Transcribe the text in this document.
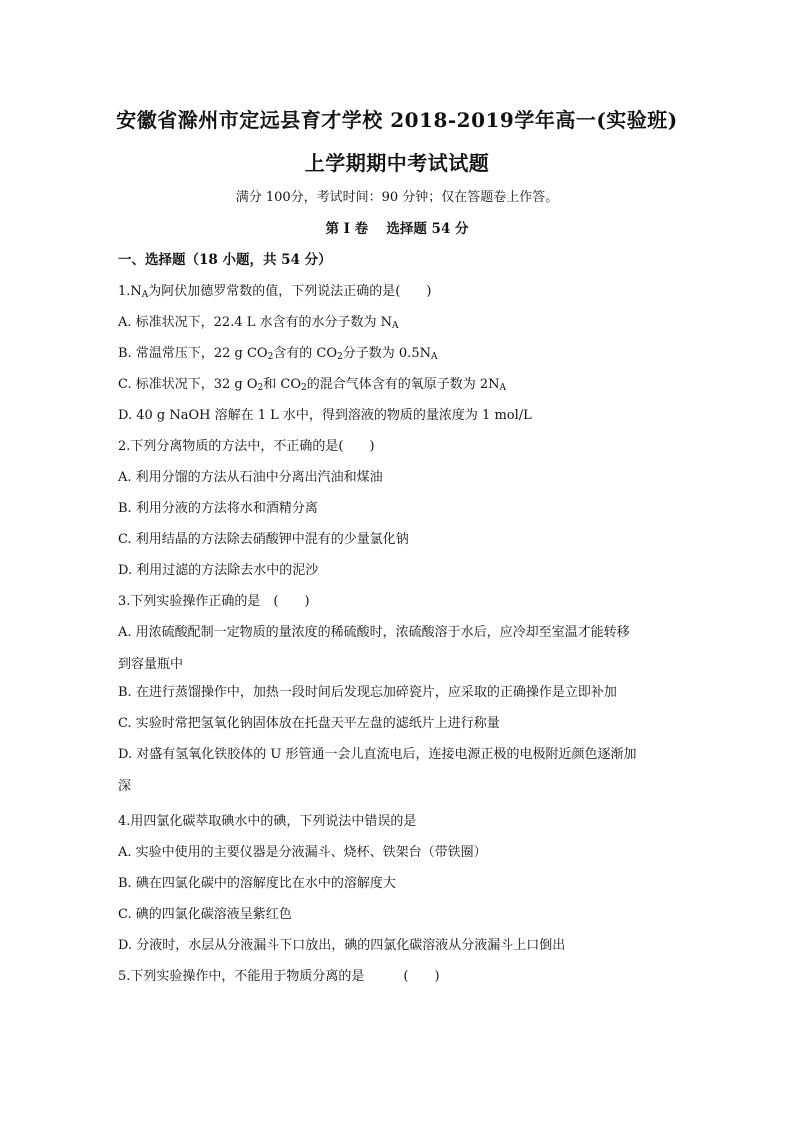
安徽省滁州市定远县育才学校 2018-2019学年高一(实验班)
上学期期中考试试题
满分 100分，考试时间：90 分钟；仅在答题卷上作答。
第 I 卷　 选择题 54 分
一、选择题（18 小题，共 54 分）
$1.N_A$为阿伏加德罗常数的值，下列说法正确的是(　　)
A. 标准状况下，22.4 L 水含有的水分子数为 $N_A$
B. 常温常压下，22 g $CO_2$含有的 $CO_2$分子数为 $0.5N_A$
C. 标准状况下，32 g $O_2$和 $CO_2$的混合气体含有的氧原子数为 $2N_A$
D. 40 g NaOH 溶解在 1 L 水中，得到溶液的物质的量浓度为 1 mol/L
2.下列分离物质的方法中，不正确的是(　　)
A. 利用分馏的方法从石油中分离出汽油和煤油
B. 利用分液的方法将水和酒精分离
C. 利用结晶的方法除去硝酸钾中混有的少量氯化钠
D. 利用过滤的方法除去水中的泥沙
3.下列实验操作正确的是　(　　)
A. 用浓硫酸配制一定物质的量浓度的稀硫酸时，浓硫酸溶于水后，应冷却至室温才能转移
到容量瓶中
B. 在进行蒸馏操作中，加热一段时间后发现忘加碎瓷片，应采取的正确操作是立即补加
C. 实验时常把氢氧化钠固体放在托盘天平左盘的滤纸片上进行称量
D. 对盛有氢氧化铁胶体的 U 形管通一会儿直流电后，连接电源正极的电极附近颜色逐渐加
深
4.用四氯化碳萃取碘水中的碘，下列说法中错误的是
A. 实验中使用的主要仪器是分液漏斗、烧杯、铁架台（带铁圈）
B. 碘在四氯化碳中的溶解度比在水中的溶解度大
C. 碘的四氯化碳溶液呈紫红色
D. 分液时，水层从分液漏斗下口放出，碘的四氯化碳溶液从分液漏斗上口倒出
5.下列实验操作中，不能用于物质分离的是　　　(　　)
